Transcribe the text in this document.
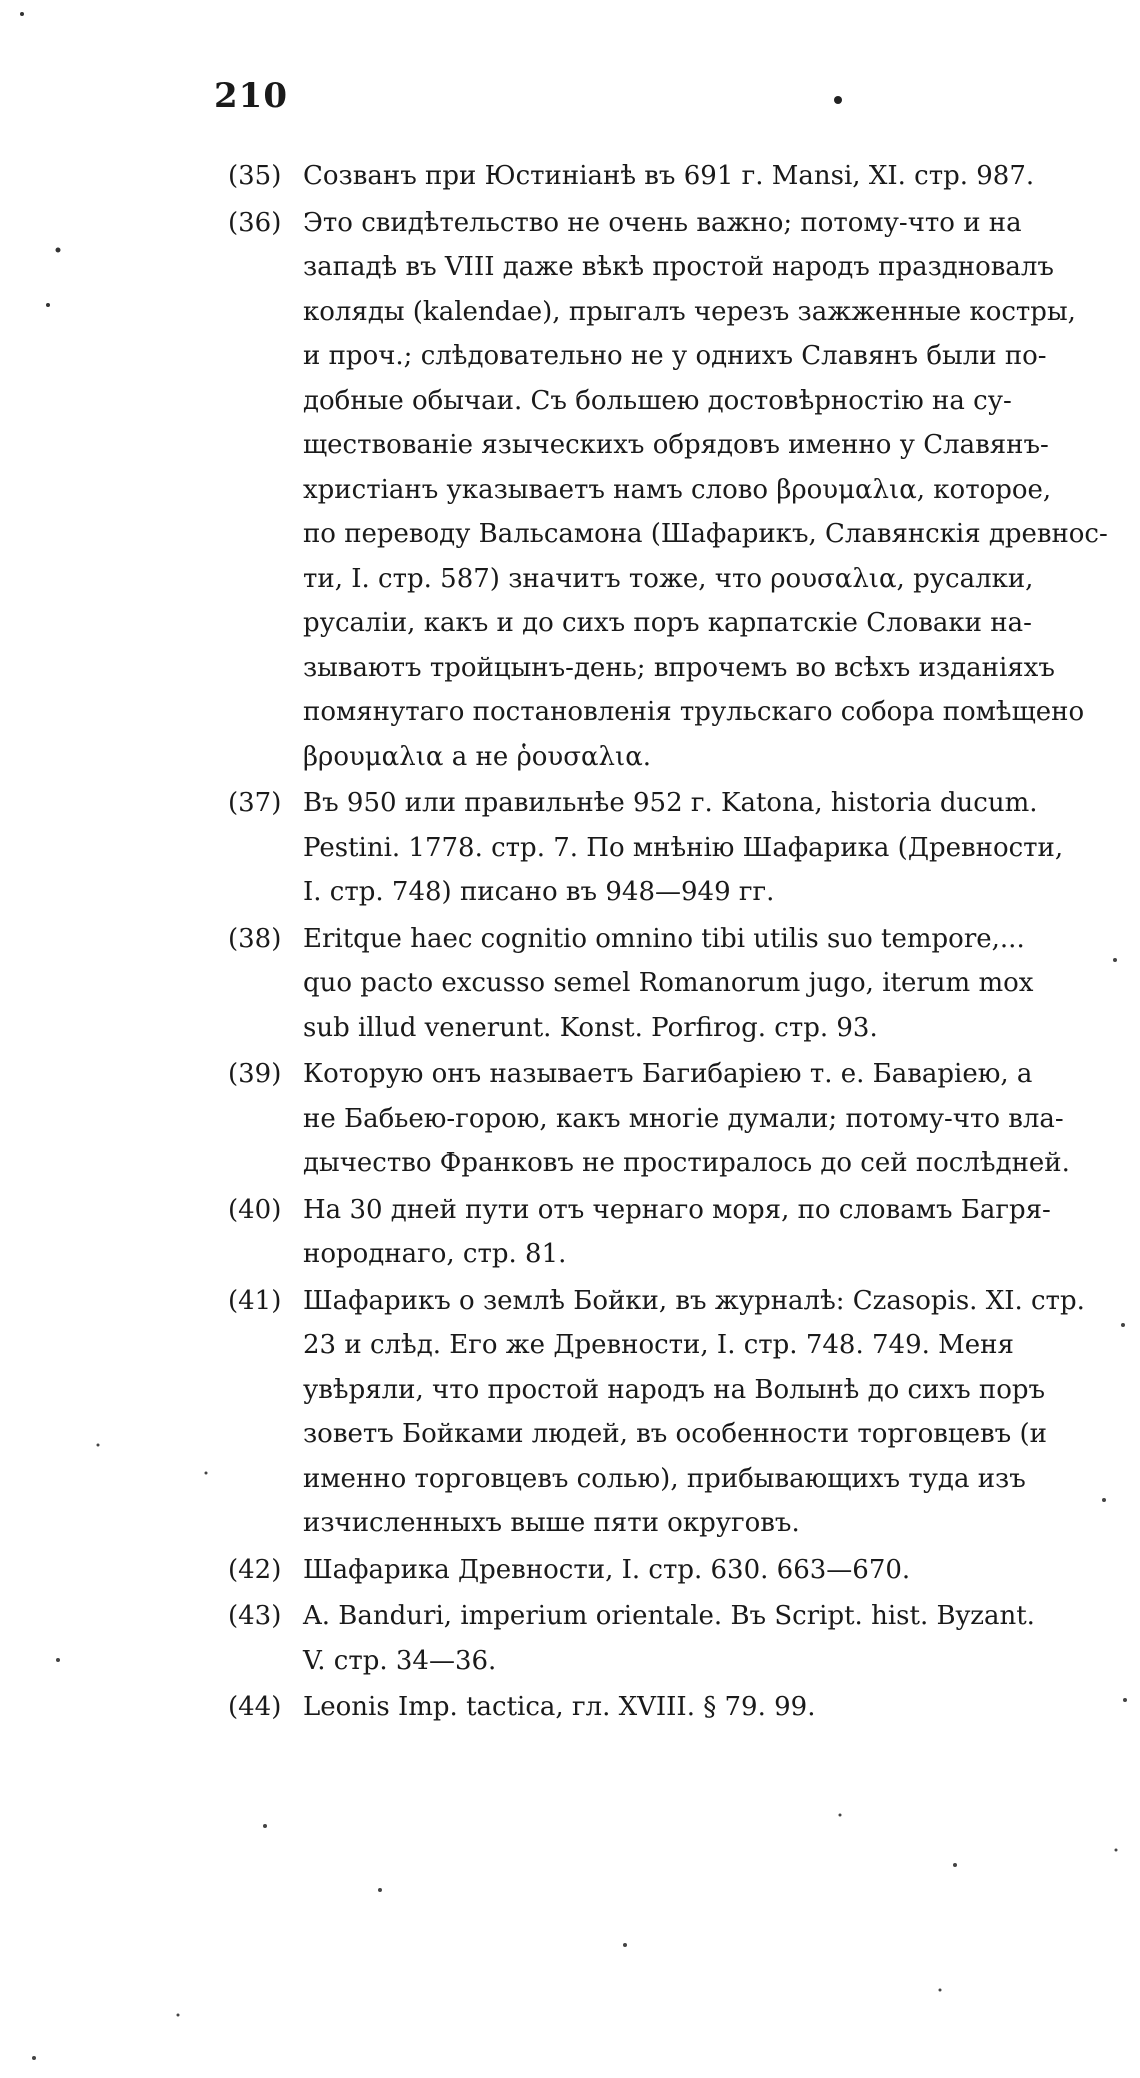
210
(35) Созванъ при Юстиніанѣ въ 691 г. Mansi, XI. стр. 987.
(36) Это свидѣтельство не очень важно; потому-что и на
западѣ въ VIII даже вѣкѣ простой народъ праздновалъ
коляды (kalendae), прыгалъ черезъ зажженные костры,
и проч.; слѣдовательно не у однихъ Славянъ были по-
добные обычаи. Съ большею достовѣрностію на су-
ществованіе языческихъ обрядовъ именно у Славянъ-
христіанъ указываетъ намъ слово βρουμαλια, которое,
по переводу Вальсамона (Шафарикъ, Славянскія древнос-
ти, I. стр. 587) значитъ тоже, что ρουσαλια, русалки,
русаліи, какъ и до сихъ поръ карпатскіе Словаки на-
зываютъ тройцынъ-день; впрочемъ во всѣхъ изданіяхъ
помянутаго постановленія трульскаго собора помѣщено
βρουμαλια а не ῥουσαλια.
(37) Въ 950 или правильнѣе 952 г. Katona, historia ducum.
Pestini. 1778. стр. 7. По мнѣнію Шафарика (Древности,
I. стр. 748) писано въ 948—949 гг.
(38) Eritque haec cognitio omnino tibi utilis suo tempore,...
quo pacto excusso semel Romanorum jugo, iterum mox
sub illud venerunt. Konst. Porfirog. стр. 93.
(39) Которую онъ называетъ Багибаріею т. е. Баваріею, а
не Бабьею-горою, какъ многіе думали; потому-что вла-
дычество Франковъ не простиралось до сей послѣдней.
(40) На 30 дней пути отъ чернаго моря, по словамъ Багря-
нороднаго, стр. 81.
(41) Шафарикъ о землѣ Бойки, въ журналѣ: Czasopis. XI. стр.
23 и слѣд. Его же Древности, I. стр. 748. 749. Меня
увѣряли, что простой народъ на Волынѣ до сихъ поръ
зоветъ Бойками людей, въ особенности торговцевъ (и
именно торговцевъ солью), прибывающихъ туда изъ
изчисленныхъ выше пяти округовъ.
(42) Шафарика Древности, I. стр. 630. 663—670.
(43) A. Banduri, imperium orientale. Въ Script. hist. Byzant.
V. стр. 34—36.
(44) Leonis Imp. tactica, гл. XVIII. § 79. 99.
